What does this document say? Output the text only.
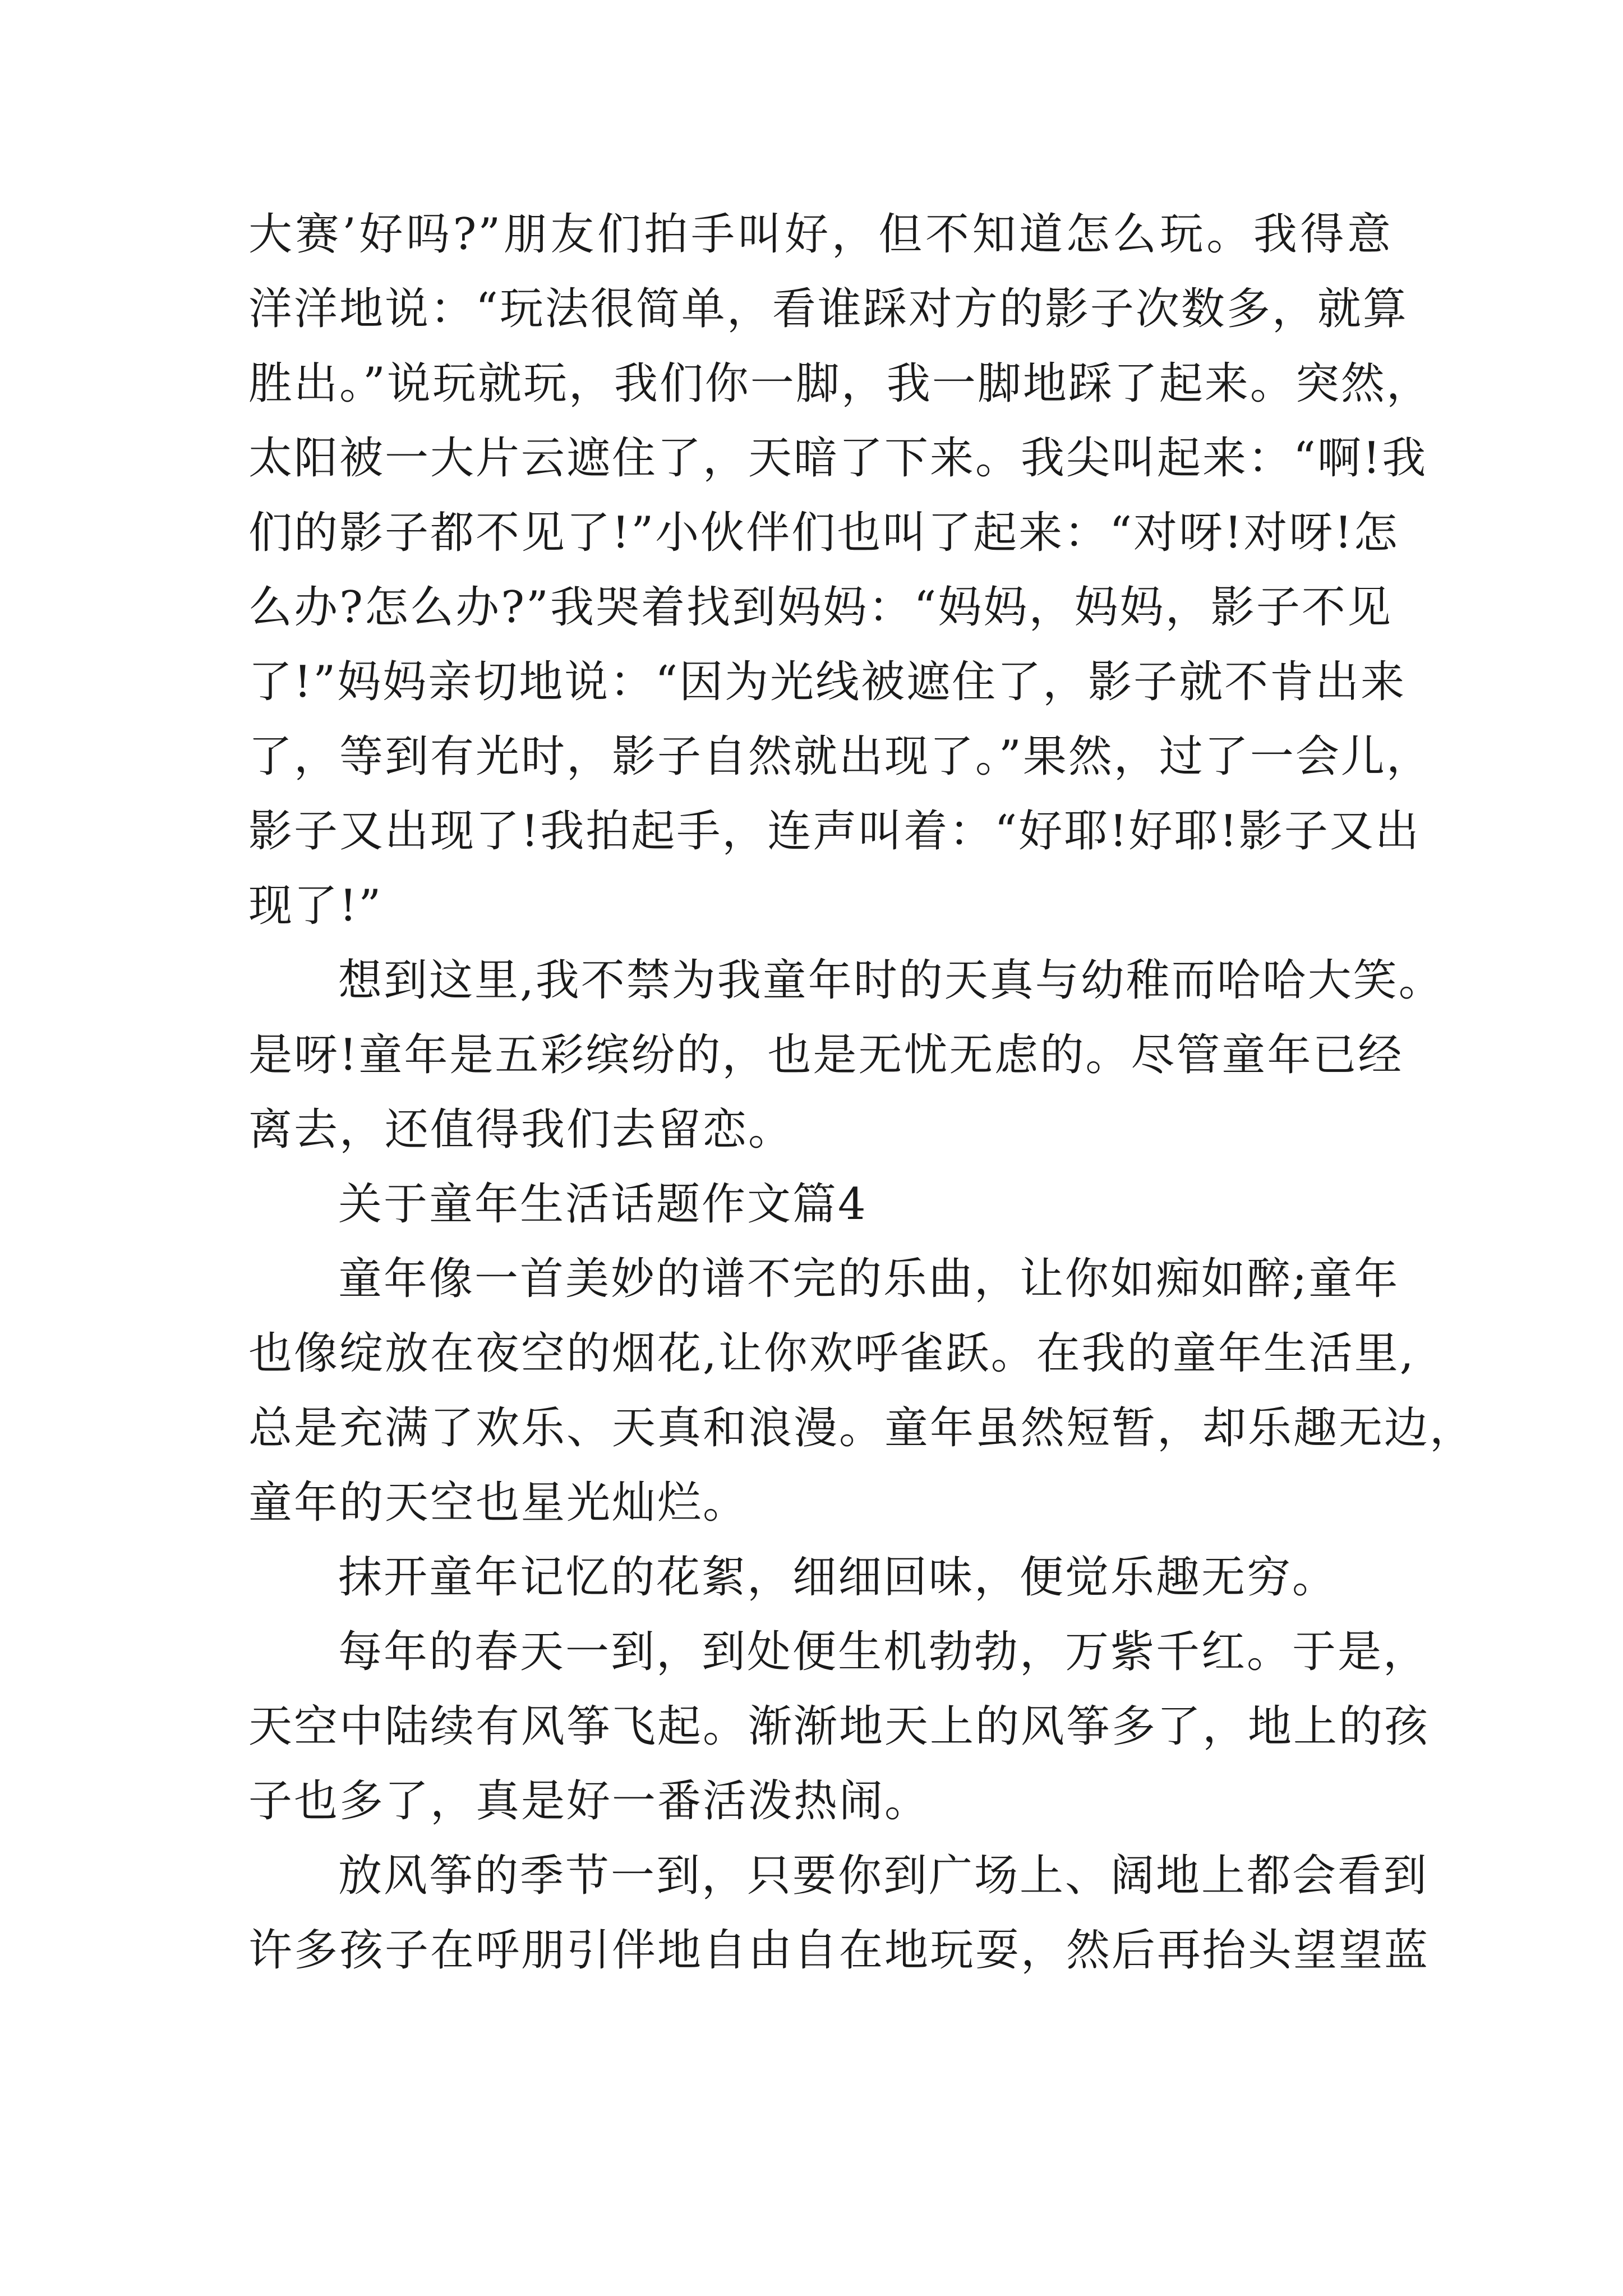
大赛’好吗?”朋友们拍手叫好，但不知道怎么玩。我得意
洋洋地说：“玩法很简单，看谁踩对方的影子次数多，就算
胜出。”说玩就玩，我们你一脚，我一脚地踩了起来。突然，
太阳被一大片云遮住了，天暗了下来。我尖叫起来：“啊!我
们的影子都不见了!”小伙伴们也叫了起来：“对呀!对呀!怎
么办?怎么办?”我哭着找到妈妈：“妈妈，妈妈，影子不见
了!”妈妈亲切地说：“因为光线被遮住了，影子就不肯出来
了，等到有光时，影子自然就出现了。”果然，过了一会儿，
影子又出现了!我拍起手，连声叫着：“好耶!好耶!影子又出
现了!”
想到这里,我不禁为我童年时的天真与幼稚而哈哈大笑。
是呀!童年是五彩缤纷的，也是无忧无虑的。尽管童年已经
离去，还值得我们去留恋。
关于童年生活话题作文篇4
童年像一首美妙的谱不完的乐曲，让你如痴如醉;童年
也像绽放在夜空的烟花,让你欢呼雀跃。在我的童年生活里,
总是充满了欢乐、天真和浪漫。童年虽然短暂，却乐趣无边，
童年的天空也星光灿烂。
抹开童年记忆的花絮，细细回味，便觉乐趣无穷。
每年的春天一到，到处便生机勃勃，万紫千红。于是，
天空中陆续有风筝飞起。渐渐地天上的风筝多了，地上的孩
子也多了，真是好一番活泼热闹。
放风筝的季节一到，只要你到广场上、阔地上都会看到
许多孩子在呼朋引伴地自由自在地玩耍，然后再抬头望望蓝
